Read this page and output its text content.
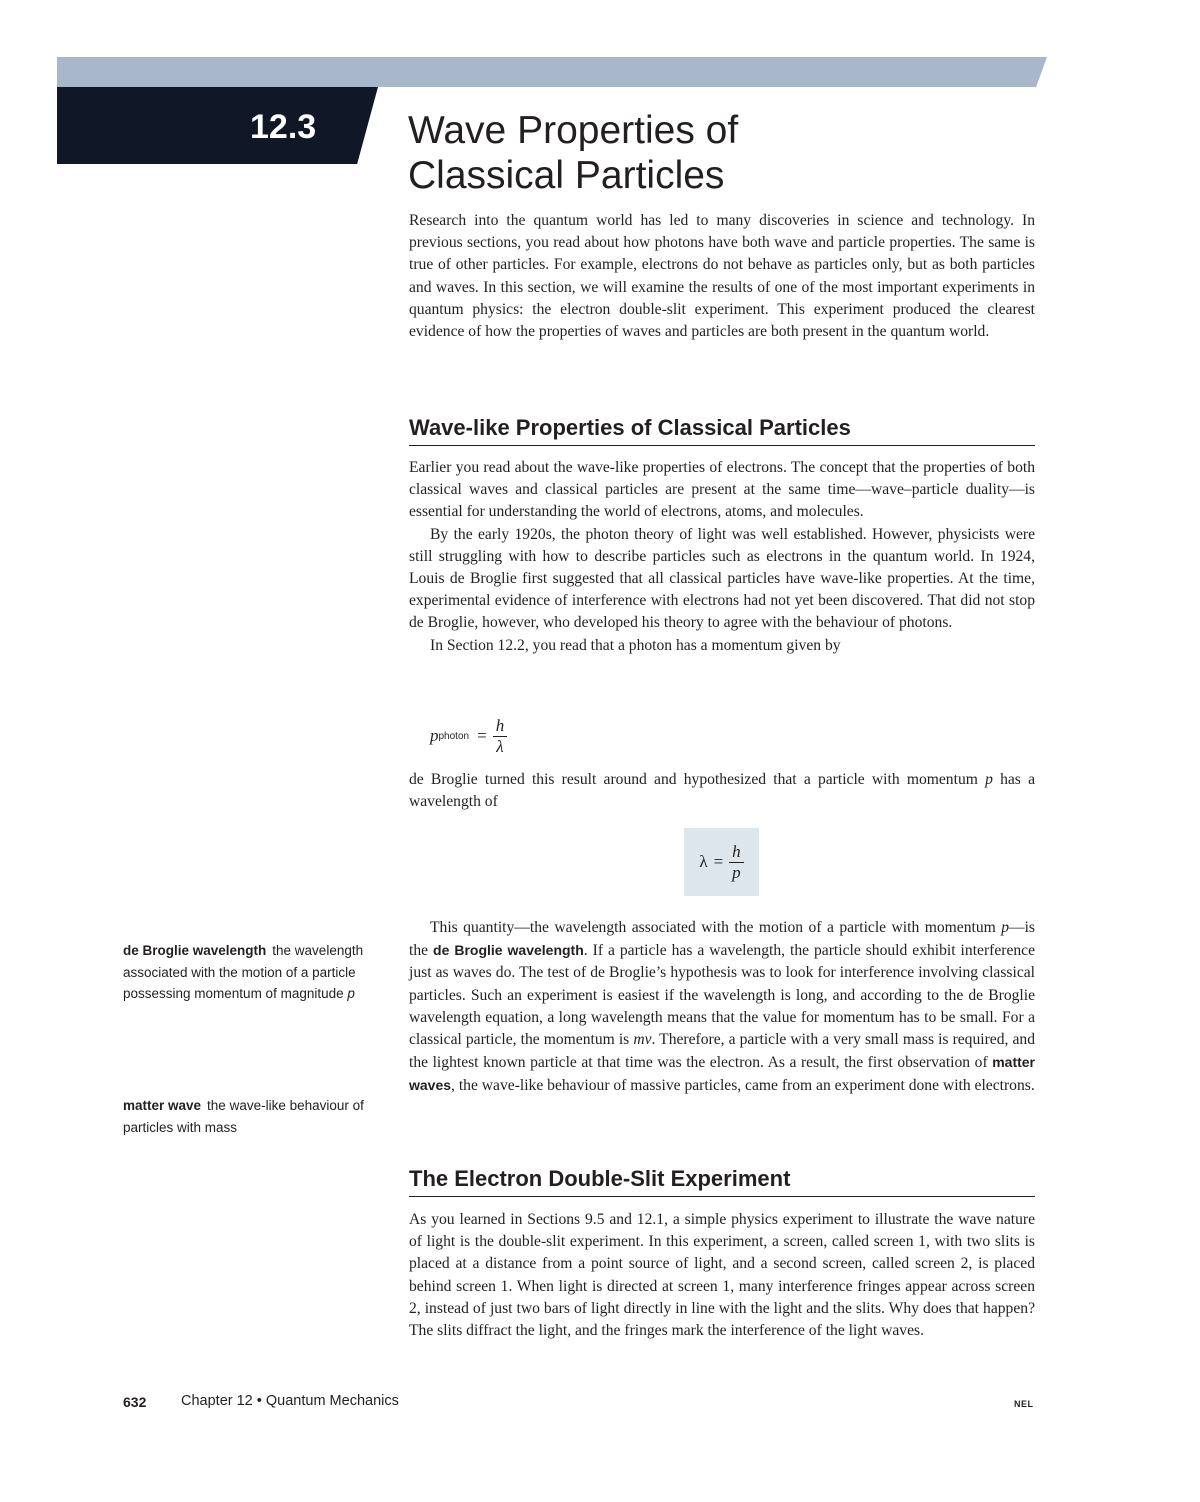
12.3 Wave Properties of
Classical Particles

Research into the quantum world has led to many discoveries in science and technology. In previous sections, you read about how photons have both wave and particle properties. The same is true of other particles. For example, electrons do not behave as particles only, but as both particles and waves. In this section, we will examine the results of one of the most important experiments in quantum physics: the electron double-slit experiment. This experiment produced the clearest evidence of how the properties of waves and particles are both present in the quantum world.

Wave-like Properties of Classical Particles

Earlier you read about the wave-like properties of electrons. The concept that the properties of both classical waves and classical particles are present at the same time—wave–particle duality—is essential for understanding the world of electrons, atoms, and molecules.

By the early 1920s, the photon theory of light was well established. However, physicists were still struggling with how to describe particles such as electrons in the quantum world. In 1924, Louis de Broglie first suggested that all classical particles have wave-like properties. At the time, experimental evidence of interference with electrons had not yet been discovered. That did not stop de Broglie, however, who developed his theory to agree with the behaviour of photons.

In Section 12.2, you read that a photon has a momentum given by

p photon = $\frac{h}{\lambda}$

de Broglie turned this result around and hypothesized that a particle with momentum p has a wavelength of

$\lambda = \frac{h}{p}$

This quantity—the wavelength associated with the motion of a particle with momentum p—is the de Broglie wavelength. If a particle has a wavelength, the particle should exhibit interference just as waves do. The test of de Broglie’s hypothesis was to look for interference involving classical particles. Such an experiment is easiest if the wavelength is long, and according to the de Broglie wavelength equation, a long wavelength means that the value for momentum has to be small. For a classical particle, the momentum is mv. Therefore, a particle with a very small mass is required, and the lightest known particle at that time was the electron. As a result, the first observation of matter waves, the wave-like behaviour of massive particles, came from an experiment done with electrons.

The Electron Double-Slit Experiment

As you learned in Sections 9.5 and 12.1, a simple physics experiment to illustrate the wave nature of light is the double-slit experiment. In this experiment, a screen, called screen 1, with two slits is placed at a distance from a point source of light, and a second screen, called screen 2, is placed behind screen 1. When light is directed at screen 1, many interference fringes appear across screen 2, instead of just two bars of light directly in line with the light and the slits. Why does that happen? The slits diffract the light, and the fringes mark the interference of the light waves.

de Broglie wavelength the wavelength associated with the motion of a particle possessing momentum of magnitude p

matter wave the wave-like behaviour of particles with mass

632 Chapter 12 • Quantum Mechanics	NEL
